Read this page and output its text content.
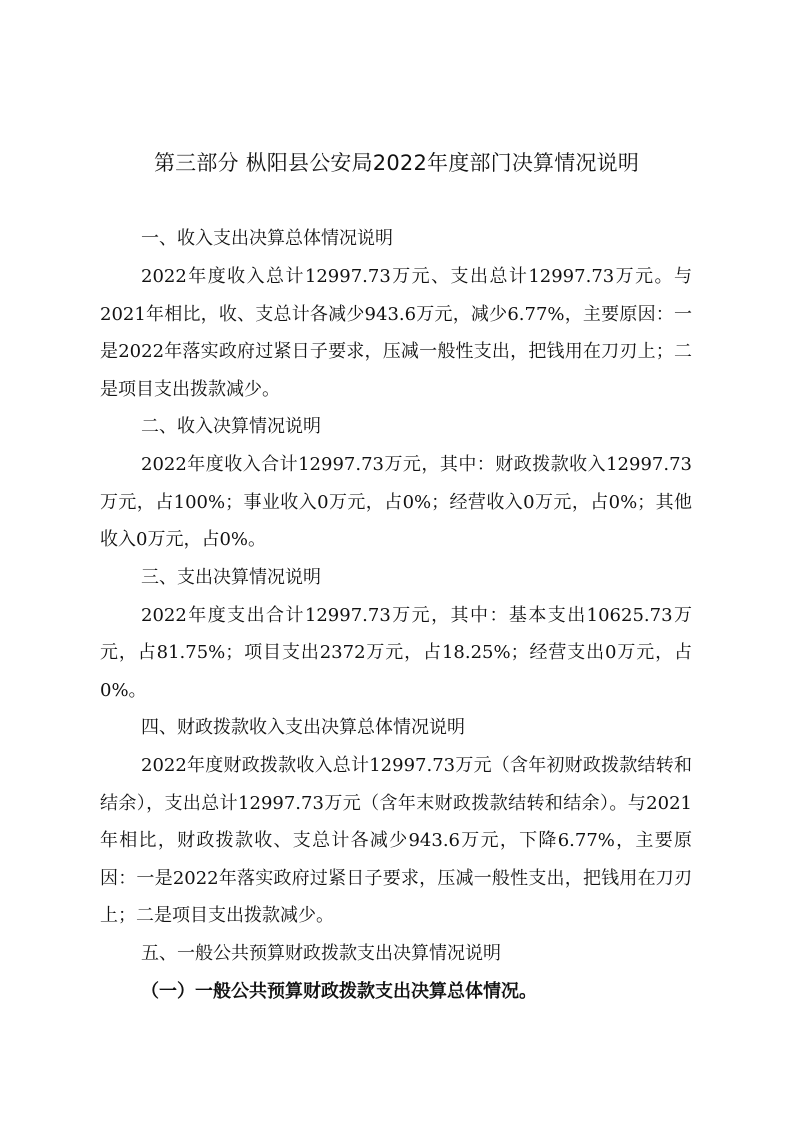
第三部分 枞阳县公安局2022年度部门决算情况说明

一、收入支出决算总体情况说明

2022年度收入总计12997.73万元、支出总计12997.73万元。与2021年相比，收、支总计各减少943.6万元，减少6.77%，主要原因：一是2022年落实政府过紧日子要求，压减一般性支出，把钱用在刀刃上；二是项目支出拨款减少。

二、收入决算情况说明

2022年度收入合计12997.73万元，其中：财政拨款收入12997.73万元，占100%；事业收入0万元，占0%；经营收入0万元，占0%；其他收入0万元，占0%。

三、支出决算情况说明

2022年度支出合计12997.73万元，其中：基本支出10625.73万元，占81.75%；项目支出2372万元，占18.25%；经营支出0万元，占0%。

四、财政拨款收入支出决算总体情况说明

2022年度财政拨款收入总计12997.73万元（含年初财政拨款结转和结余），支出总计12997.73万元（含年末财政拨款结转和结余）。与2021年相比，财政拨款收、支总计各减少943.6万元，下降6.77%，主要原因：一是2022年落实政府过紧日子要求，压减一般性支出，把钱用在刀刃上；二是项目支出拨款减少。

五、一般公共预算财政拨款支出决算情况说明

（一）一般公共预算财政拨款支出决算总体情况。
